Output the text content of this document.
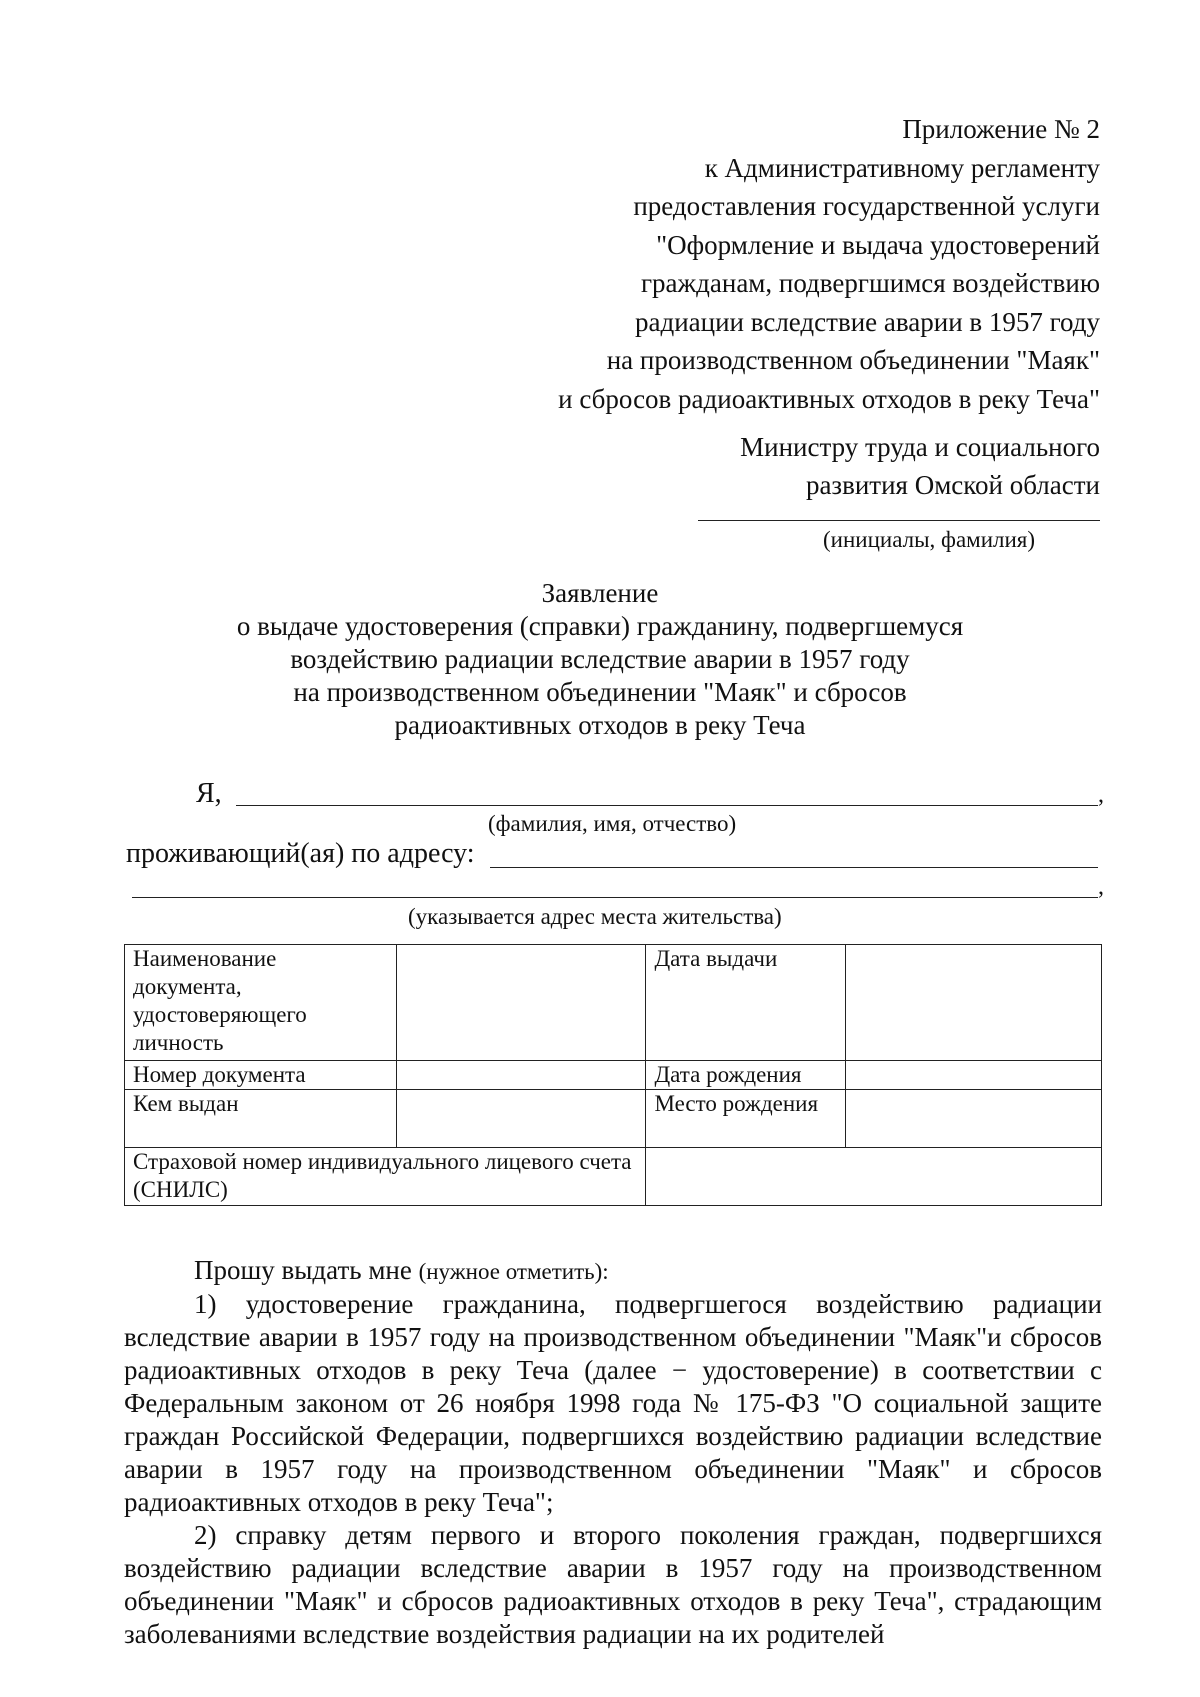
Приложение № 2
к Административному регламенту
предоставления государственной услуги
"Оформление и выдача удостоверений
гражданам, подвергшимся воздействию
радиации вследствие аварии в 1957 году
на производственном объединении "Маяк"
и сбросов радиоактивных отходов в реку Теча"
Министру труда и социального
развития Омской области
(инициалы, фамилия)
Заявление
о выдаче удостоверения (справки) гражданину, подвергшемуся
воздействию радиации вследствие аварии в 1957 году
на производственном объединении "Маяк" и сбросов
радиоактивных отходов в реку Теча
Я,	,
(фамилия, имя, отчество)
проживающий(ая) по адресу:
,
(указывается адрес места жительства)
Наименование документа, удостоверяющего личность		Дата выдачи	
Номер документа		Дата рождения	
Кем выдан		Место рождения	
Страховой номер индивидуального лицевого счета (СНИЛС)			
Прошу выдать мне (нужное отметить):
1) удостоверение гражданина, подвергшегося воздействию радиации вследствие аварии в 1957 году на производственном объединении "Маяк"и сбросов радиоактивных отходов в реку Теча (далее − удостоверение) в соответствии с Федеральным законом от 26 ноября 1998 года № 175-ФЗ "О социальной защите граждан Российской Федерации, подвергшихся воздействию радиации вследствие аварии в 1957 году на производственном объединении "Маяк" и сбросов радиоактивных отходов в реку Теча";
2) справку детям первого и второго поколения граждан, подвергшихся воздействию радиации вследствие аварии в 1957 году на производственном объединении "Маяк" и сбросов радиоактивных отходов в реку Теча", страдающим заболеваниями вследствие воздействия радиации на их родителей
